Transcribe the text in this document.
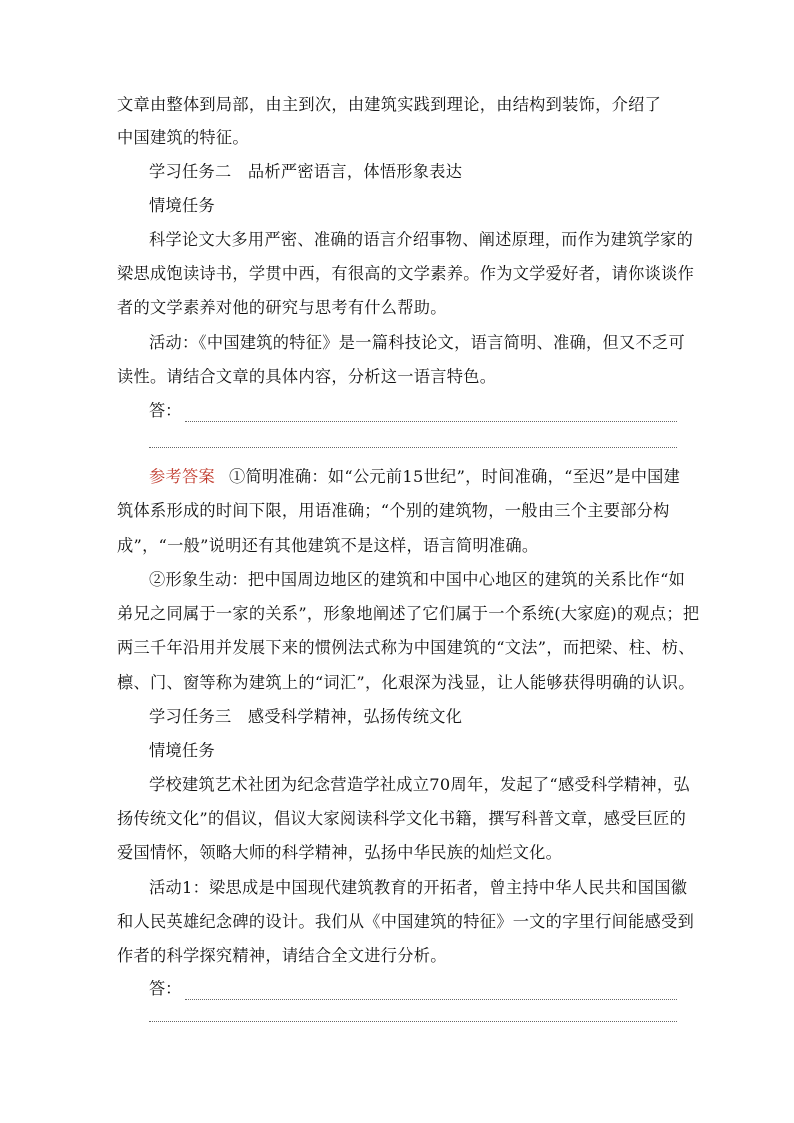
文章由整体到局部，由主到次，由建筑实践到理论，由结构到装饰，介绍了
中国建筑的特征。
学习任务二　品析严密语言，体悟形象表达
情境任务
科学论文大多用严密、准确的语言介绍事物、阐述原理，而作为建筑学家的
梁思成饱读诗书，学贯中西，有很高的文学素养。作为文学爱好者，请你谈谈作
者的文学素养对他的研究与思考有什么帮助。
活动：《中国建筑的特征》是一篇科技论文，语言简明、准确，但又不乏可
读性。请结合文章的具体内容，分析这一语言特色。
答：
参考答案 ①简明准确：如“公元前15世纪”，时间准确，“至迟”是中国建
筑体系形成的时间下限，用语准确；“个别的建筑物，一般由三个主要部分构
成”，“一般”说明还有其他建筑不是这样，语言简明准确。
②形象生动：把中国周边地区的建筑和中国中心地区的建筑的关系比作“如
弟兄之同属于一家的关系”，形象地阐述了它们属于一个系统(大家庭)的观点；把
两三千年沿用并发展下来的惯例法式称为中国建筑的“文法”，而把梁、柱、枋、
檩、门、窗等称为建筑上的“词汇”，化艰深为浅显，让人能够获得明确的认识。
学习任务三　感受科学精神，弘扬传统文化
情境任务
学校建筑艺术社团为纪念营造学社成立70周年，发起了“感受科学精神，弘
扬传统文化”的倡议，倡议大家阅读科学文化书籍，撰写科普文章，感受巨匠的
爱国情怀，领略大师的科学精神，弘扬中华民族的灿烂文化。
活动1：梁思成是中国现代建筑教育的开拓者，曾主持中华人民共和国国徽
和人民英雄纪念碑的设计。我们从《中国建筑的特征》一文的字里行间能感受到
作者的科学探究精神，请结合全文进行分析。
答：
